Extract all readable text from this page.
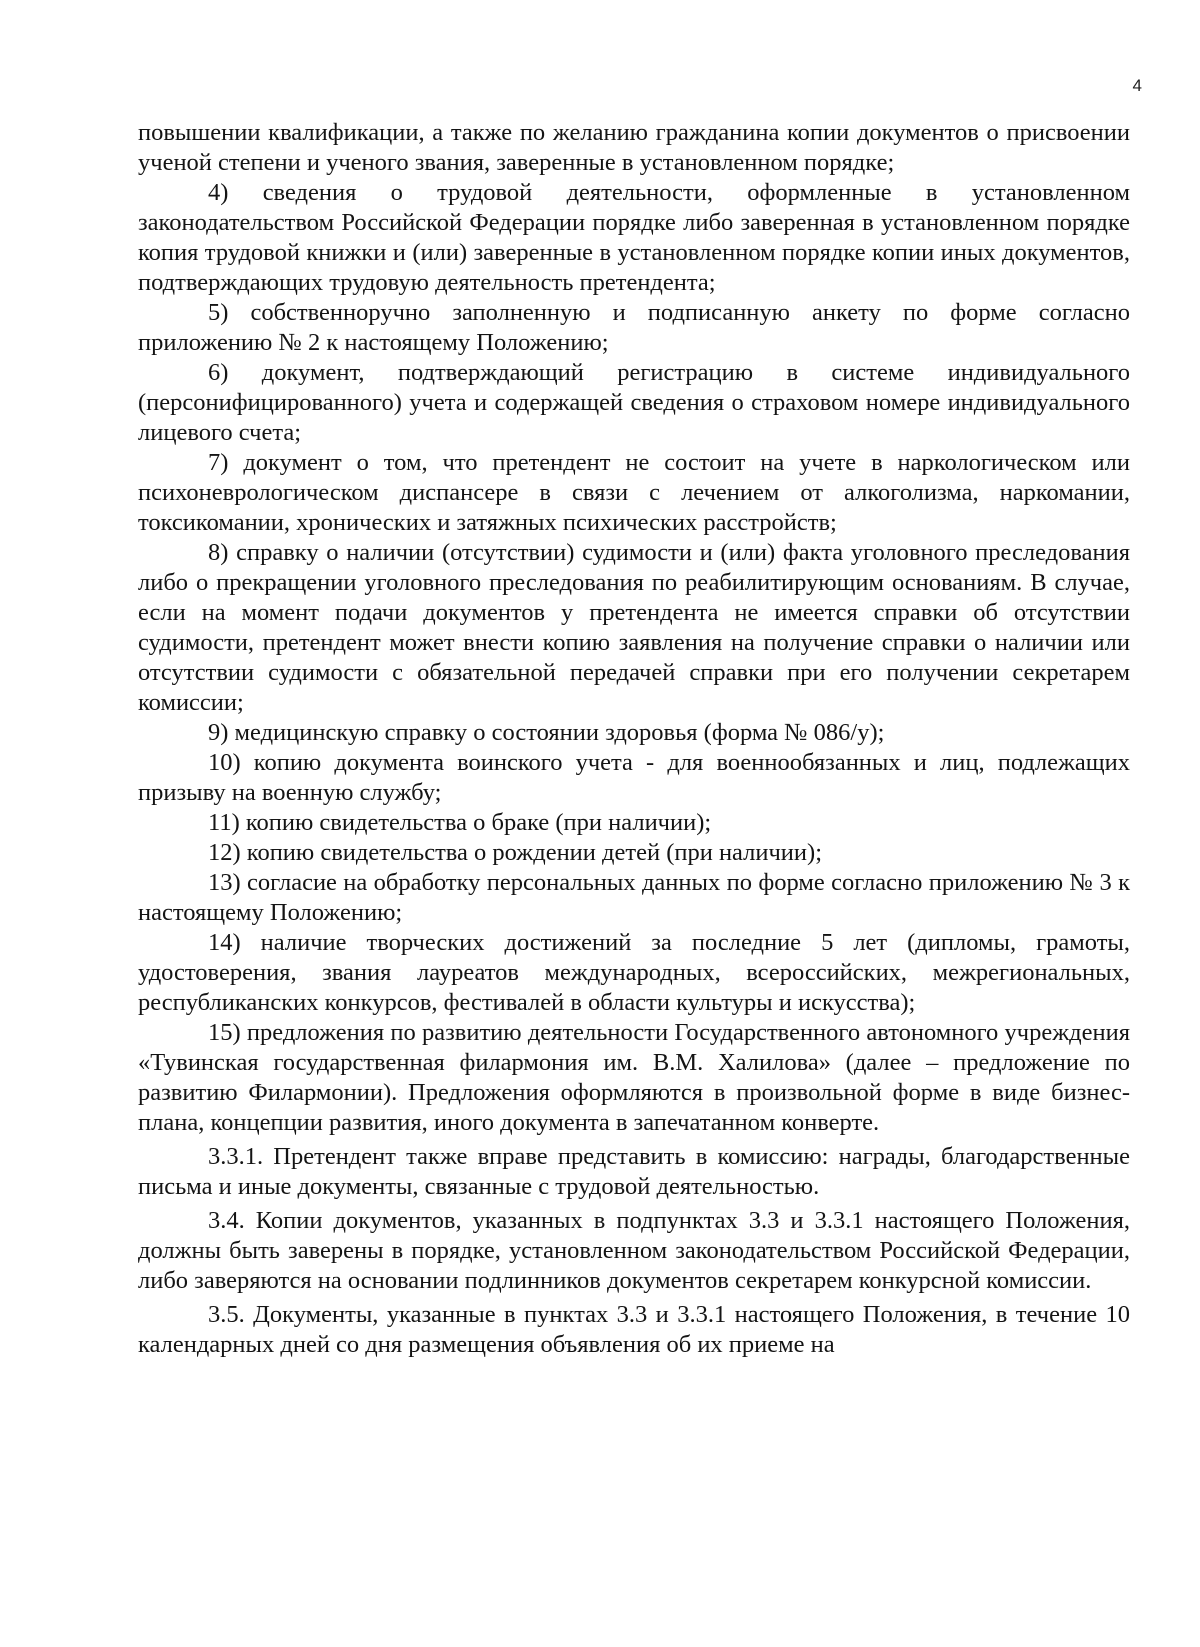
4

повышении квалификации, а также по желанию гражданина копии документов о присвоении ученой степени и ученого звания, заверенные в установленном порядке;

4) сведения о трудовой деятельности, оформленные в установленном законодательством Российской Федерации порядке либо заверенная в установленном порядке копия трудовой книжки и (или) заверенные в установленном порядке копии иных документов, подтверждающих трудовую деятельность претендента;

5) собственноручно заполненную и подписанную анкету по форме согласно приложению № 2 к настоящему Положению;

6) документ, подтверждающий регистрацию в системе индивидуального (персонифицированного) учета и содержащей сведения о страховом номере индивидуального лицевого счета;

7) документ о том, что претендент не состоит на учете в наркологическом или психоневрологическом диспансере в связи с лечением от алкоголизма, наркомании, токсикомании, хронических и затяжных психических расстройств;

8) справку о наличии (отсутствии) судимости и (или) факта уголовного преследования либо о прекращении уголовного преследования по реабилитирующим основаниям. В случае, если на момент подачи документов у претендента не имеется справки об отсутствии судимости, претендент может внести копию заявления на получение справки о наличии или отсутствии судимости с обязательной передачей справки при его получении секретарем комиссии;

9) медицинскую справку о состоянии здоровья (форма № 086/у);

10) копию документа воинского учета - для военнообязанных и лиц, подлежащих призыву на военную службу;

11) копию свидетельства о браке (при наличии);

12) копию свидетельства о рождении детей (при наличии);

13) согласие на обработку персональных данных по форме согласно приложению № 3 к настоящему Положению;

14) наличие творческих достижений за последние 5 лет (дипломы, грамоты, удостоверения, звания лауреатов международных, всероссийских, межрегиональных, республиканских конкурсов, фестивалей в области культуры и искусства);

15) предложения по развитию деятельности Государственного автономного учреждения «Тувинская государственная филармония им. В.М. Халилова» (далее – предложение по развитию Филармонии). Предложения оформляются в произвольной форме в виде бизнес-плана, концепции развития, иного документа в запечатанном конверте.

3.3.1. Претендент также вправе представить в комиссию: награды, благодарственные письма и иные документы, связанные с трудовой деятельностью.

3.4. Копии документов, указанных в подпунктах 3.3 и 3.3.1 настоящего Положения, должны быть заверены в порядке, установленном законодательством Российской Федерации, либо заверяются на основании подлинников документов секретарем конкурсной комиссии.

3.5. Документы, указанные в пунктах 3.3 и 3.3.1 настоящего Положения, в течение 10 календарных дней со дня размещения объявления об их приеме на
